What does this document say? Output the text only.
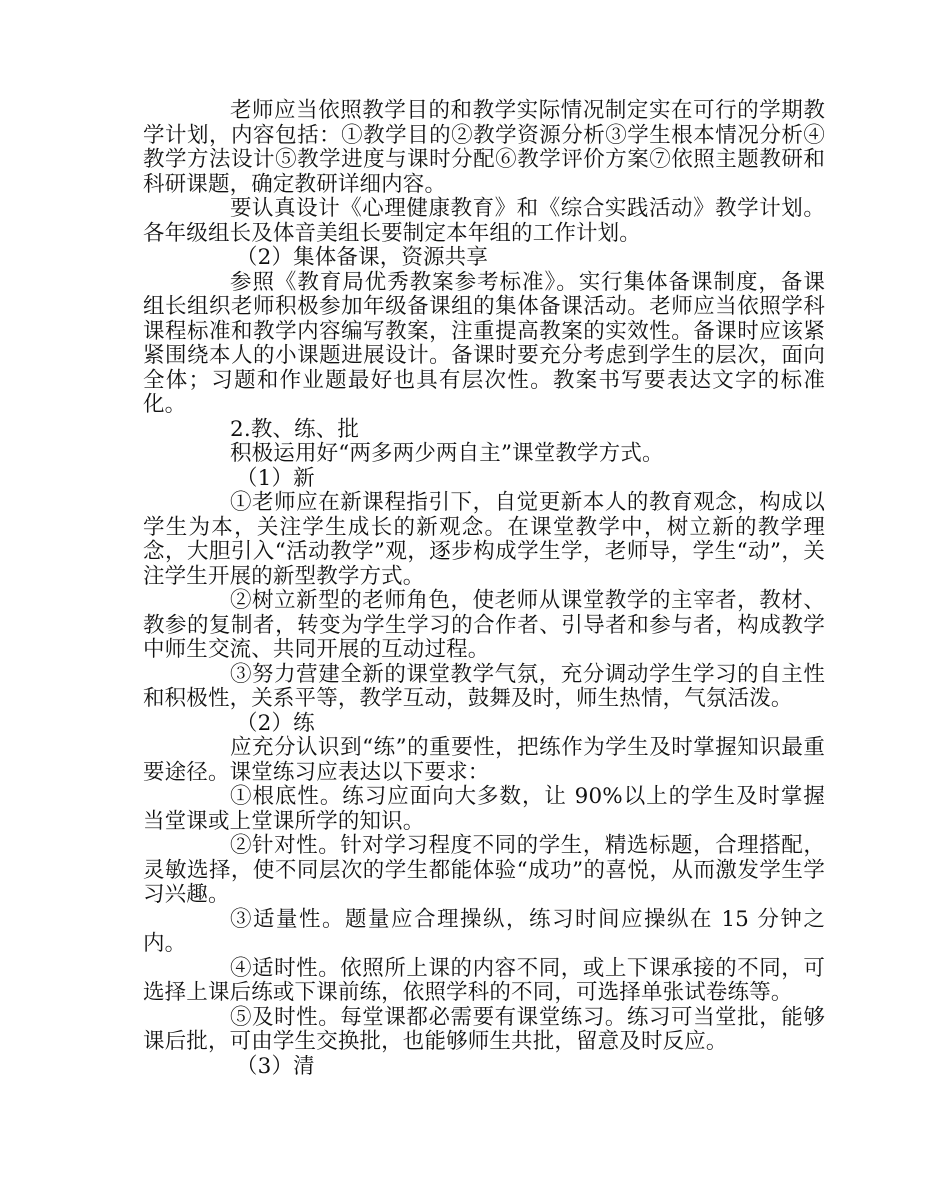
老师应当依照教学目的和教学实际情况制定实在可行的学期教学计划，内容包括：①教学目的②教学资源分析③学生根本情况分析④教学方法设计⑤教学进度与课时分配⑥教学评价方案⑦依照主题教研和科研课题，确定教研详细内容。

要认真设计《心理健康教育》和《综合实践活动》教学计划。各年级组长及体音美组长要制定本年组的工作计划。

（2）集体备课，资源共享

参照《教育局优秀教案参考标准》。实行集体备课制度，备课组长组织老师积极参加年级备课组的集体备课活动。老师应当依照学科课程标准和教学内容编写教案，注重提高教案的实效性。备课时应该紧紧围绕本人的小课题进展设计。备课时要充分考虑到学生的层次，面向全体；习题和作业题最好也具有层次性。教案书写要表达文字的标准化。

2.教、练、批

积极运用好“两多两少两自主”课堂教学方式。

（1）新

①老师应在新课程指引下，自觉更新本人的教育观念，构成以学生为本，关注学生成长的新观念。在课堂教学中，树立新的教学理念，大胆引入“活动教学”观，逐步构成学生学，老师导，学生“动”，关注学生开展的新型教学方式。

②树立新型的老师角色，使老师从课堂教学的主宰者，教材、教参的复制者，转变为学生学习的合作者、引导者和参与者，构成教学中师生交流、共同开展的互动过程。

③努力营建全新的课堂教学气氛，充分调动学生学习的自主性和积极性，关系平等，教学互动，鼓舞及时，师生热情，气氛活泼。

（2）练

应充分认识到“练”的重要性，把练作为学生及时掌握知识最重要途径。课堂练习应表达以下要求：

①根底性。练习应面向大多数，让 90%以上的学生及时掌握当堂课或上堂课所学的知识。

②针对性。针对学习程度不同的学生，精选标题，合理搭配，灵敏选择，使不同层次的学生都能体验“成功”的喜悦，从而激发学生学习兴趣。

③适量性。题量应合理操纵，练习时间应操纵在 15 分钟之内。

④适时性。依照所上课的内容不同，或上下课承接的不同，可选择上课后练或下课前练，依照学科的不同，可选择单张试卷练等。

⑤及时性。每堂课都必需要有课堂练习。练习可当堂批，能够课后批，可由学生交换批，也能够师生共批，留意及时反应。

（3）清
